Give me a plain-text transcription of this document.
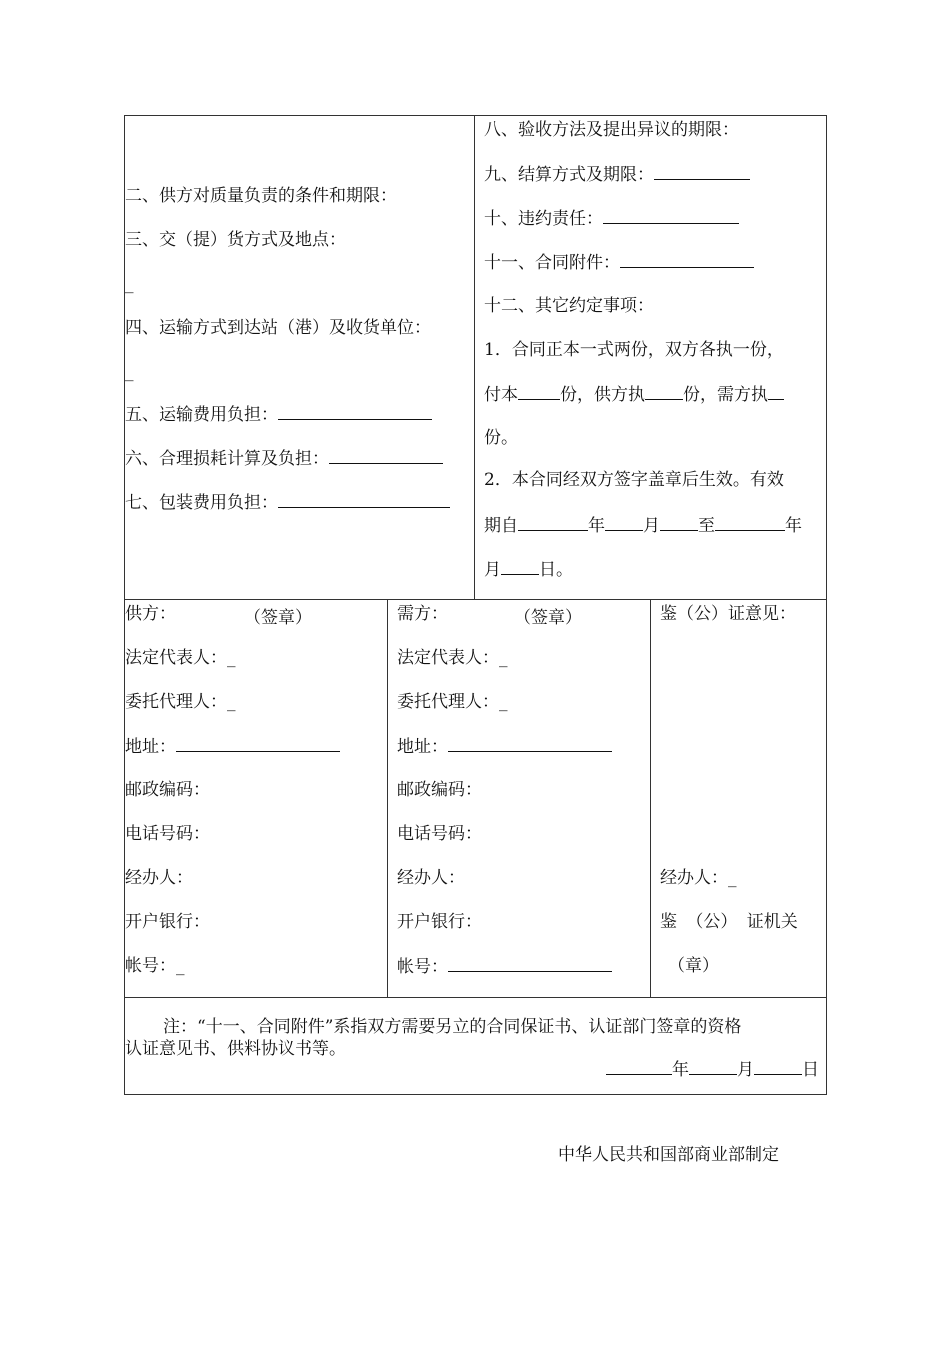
二、供方对质量负责的条件和期限：
三、交（提）货方式及地点：
_
四、运输方式到达站（港）及收货单位：
_
五、运输费用负担：
六、合理损耗计算及负担：
七、包装费用负担：
八、验收方法及提出异议的期限：
九、结算方式及期限：
十、违约责任：
十一、合同附件：
十二、其它约定事项：
1．合同正本一式两份，双方各执一份，
付本 份，供方执 份，需方执
份。
2．本合同经双方签字盖章后生效。有效
期自	年 月 至	年
月 日。
供方：	（签章）
法定代表人：_
委托代理人：_
地址：
邮政编码：
电话号码：
经办人：
开户银行：
帐号：_
需方：	（签章）
法定代表人：_
委托代理人：_
地址：
邮政编码：
电话号码：
经办人：
开户银行：
帐号：
鉴（公）证意见：
经办人：_
鉴 （公） 证机关
（章）
注：“十一、合同附件”系指双方需要另立的合同保证书、认证部门签章的资格
认证意见书、供料协议书等。
年	月	日
中华人民共和国部商业部制定
